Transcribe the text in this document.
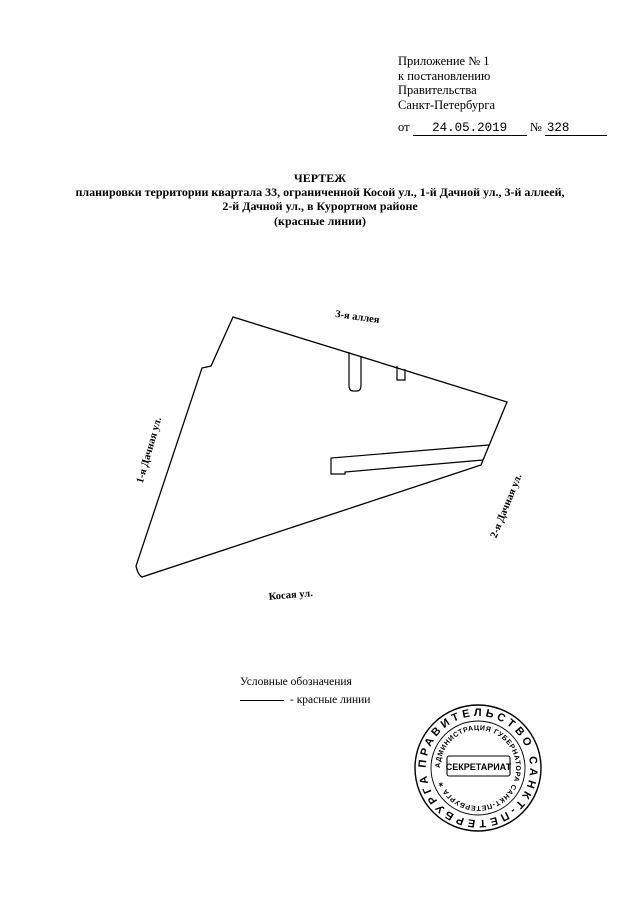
Приложение № 1
к постановлению
Правительства
Санкт-Петербурга
от 24.05.2019 № 328
ЧЕРТЕЖ
планировки территории квартала 33, ограниченной Косой ул., 1-й Дачной ул., 3-й аллеей,
2-й Дачной ул., в Курортном районе
(красные линии)
3-я аллея
1-я Дачная ул.
2-я Дачная ул.
Косая ул.
ПРАВИТЕЛЬСТВО САНКТ-ПЕТЕРБУРГА
АДМИНИСТРАЦИЯ ГУБЕРНАТОРА САНКТ-ПЕТЕРБУРГА ✶
СЕКРЕТАРИАТ
Условные обозначения
- красные линии
